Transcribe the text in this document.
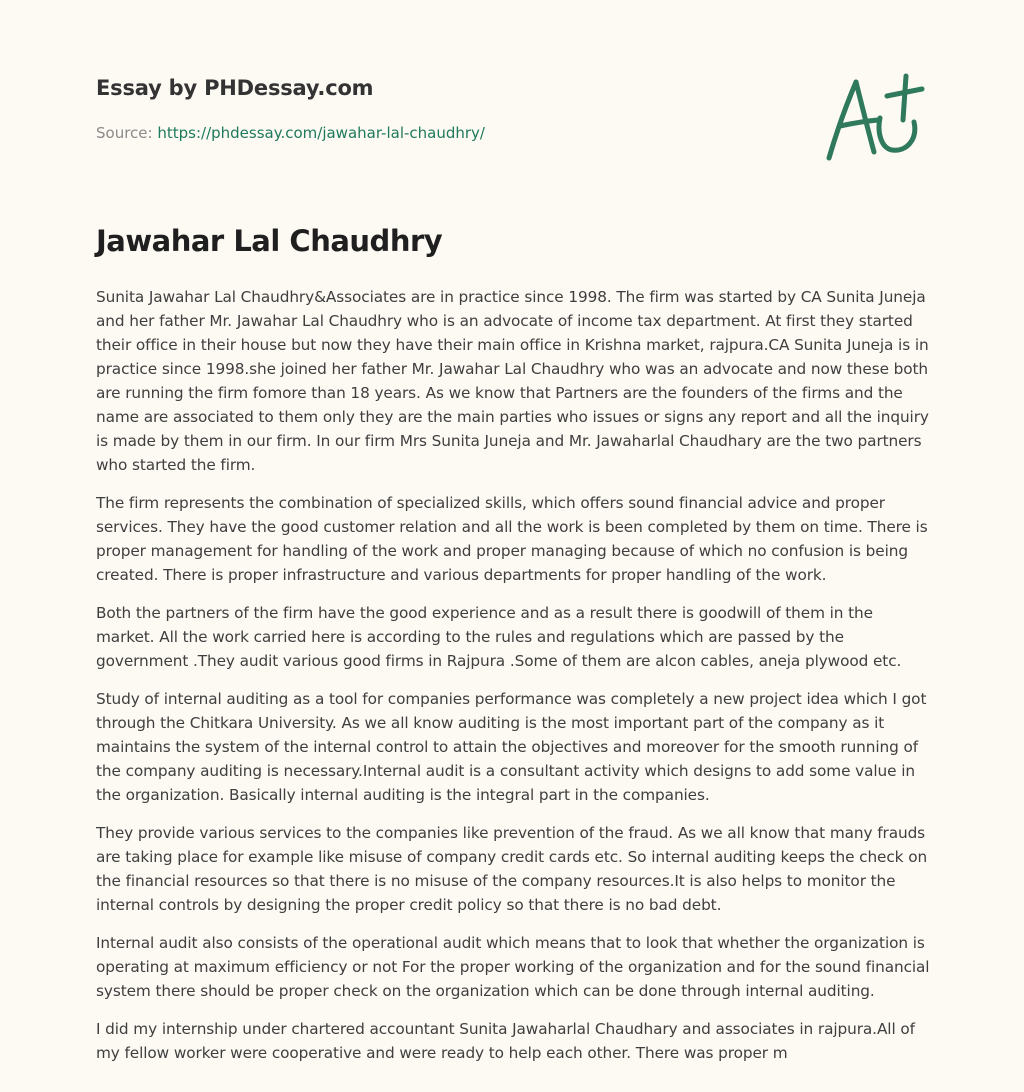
Essay by PHDessay.com

Source: https://phdessay.com/jawahar-lal-chaudhry/

Jawahar Lal Chaudhry

Sunita Jawahar Lal Chaudhry&Associates are in practice since 1998. The firm was started by CA Sunita Juneja and her father Mr. Jawahar Lal Chaudhry who is an advocate of income tax department. At first they started their office in their house but now they have their main office in Krishna market, rajpura.CA Sunita Juneja is in practice since 1998.she joined her father Mr. Jawahar Lal Chaudhry who was an advocate and now these both are running the firm fomore than 18 years. As we know that Partners are the founders of the firms and the name are associated to them only they are the main parties who issues or signs any report and all the inquiry is made by them in our firm. In our firm Mrs Sunita Juneja and Mr. Jawaharlal Chaudhary are the two partners who started the firm.

The firm represents the combination of specialized skills, which offers sound financial advice and proper services. They have the good customer relation and all the work is been completed by them on time. There is proper management for handling of the work and proper managing because of which no confusion is being created. There is proper infrastructure and various departments for proper handling of the work.

Both the partners of the firm have the good experience and as a result there is goodwill of them in the market. All the work carried here is according to the rules and regulations which are passed by the government .They audit various good firms in Rajpura .Some of them are alcon cables, aneja plywood etc.

Study of internal auditing as a tool for companies performance was completely a new project idea which I got through the Chitkara University. As we all know auditing is the most important part of the company as it maintains the system of the internal control to attain the objectives and moreover for the smooth running of the company auditing is necessary.Internal audit is a consultant activity which designs to add some value in the organization. Basically internal auditing is the integral part in the companies.

They provide various services to the companies like prevention of the fraud. As we all know that many frauds are taking place for example like misuse of company credit cards etc. So internal auditing keeps the check on the financial resources so that there is no misuse of the company resources.It is also helps to monitor the internal controls by designing the proper credit policy so that there is no bad debt.

Internal audit also consists of the operational audit which means that to look that whether the organization is operating at maximum efficiency or not For the proper working of the organization and for the sound financial system there should be proper check on the organization which can be done through internal auditing.

I did my internship under chartered accountant Sunita Jawaharlal Chaudhary and associates in rajpura.All of my fellow worker were cooperative and were ready to help each other. There was proper m
